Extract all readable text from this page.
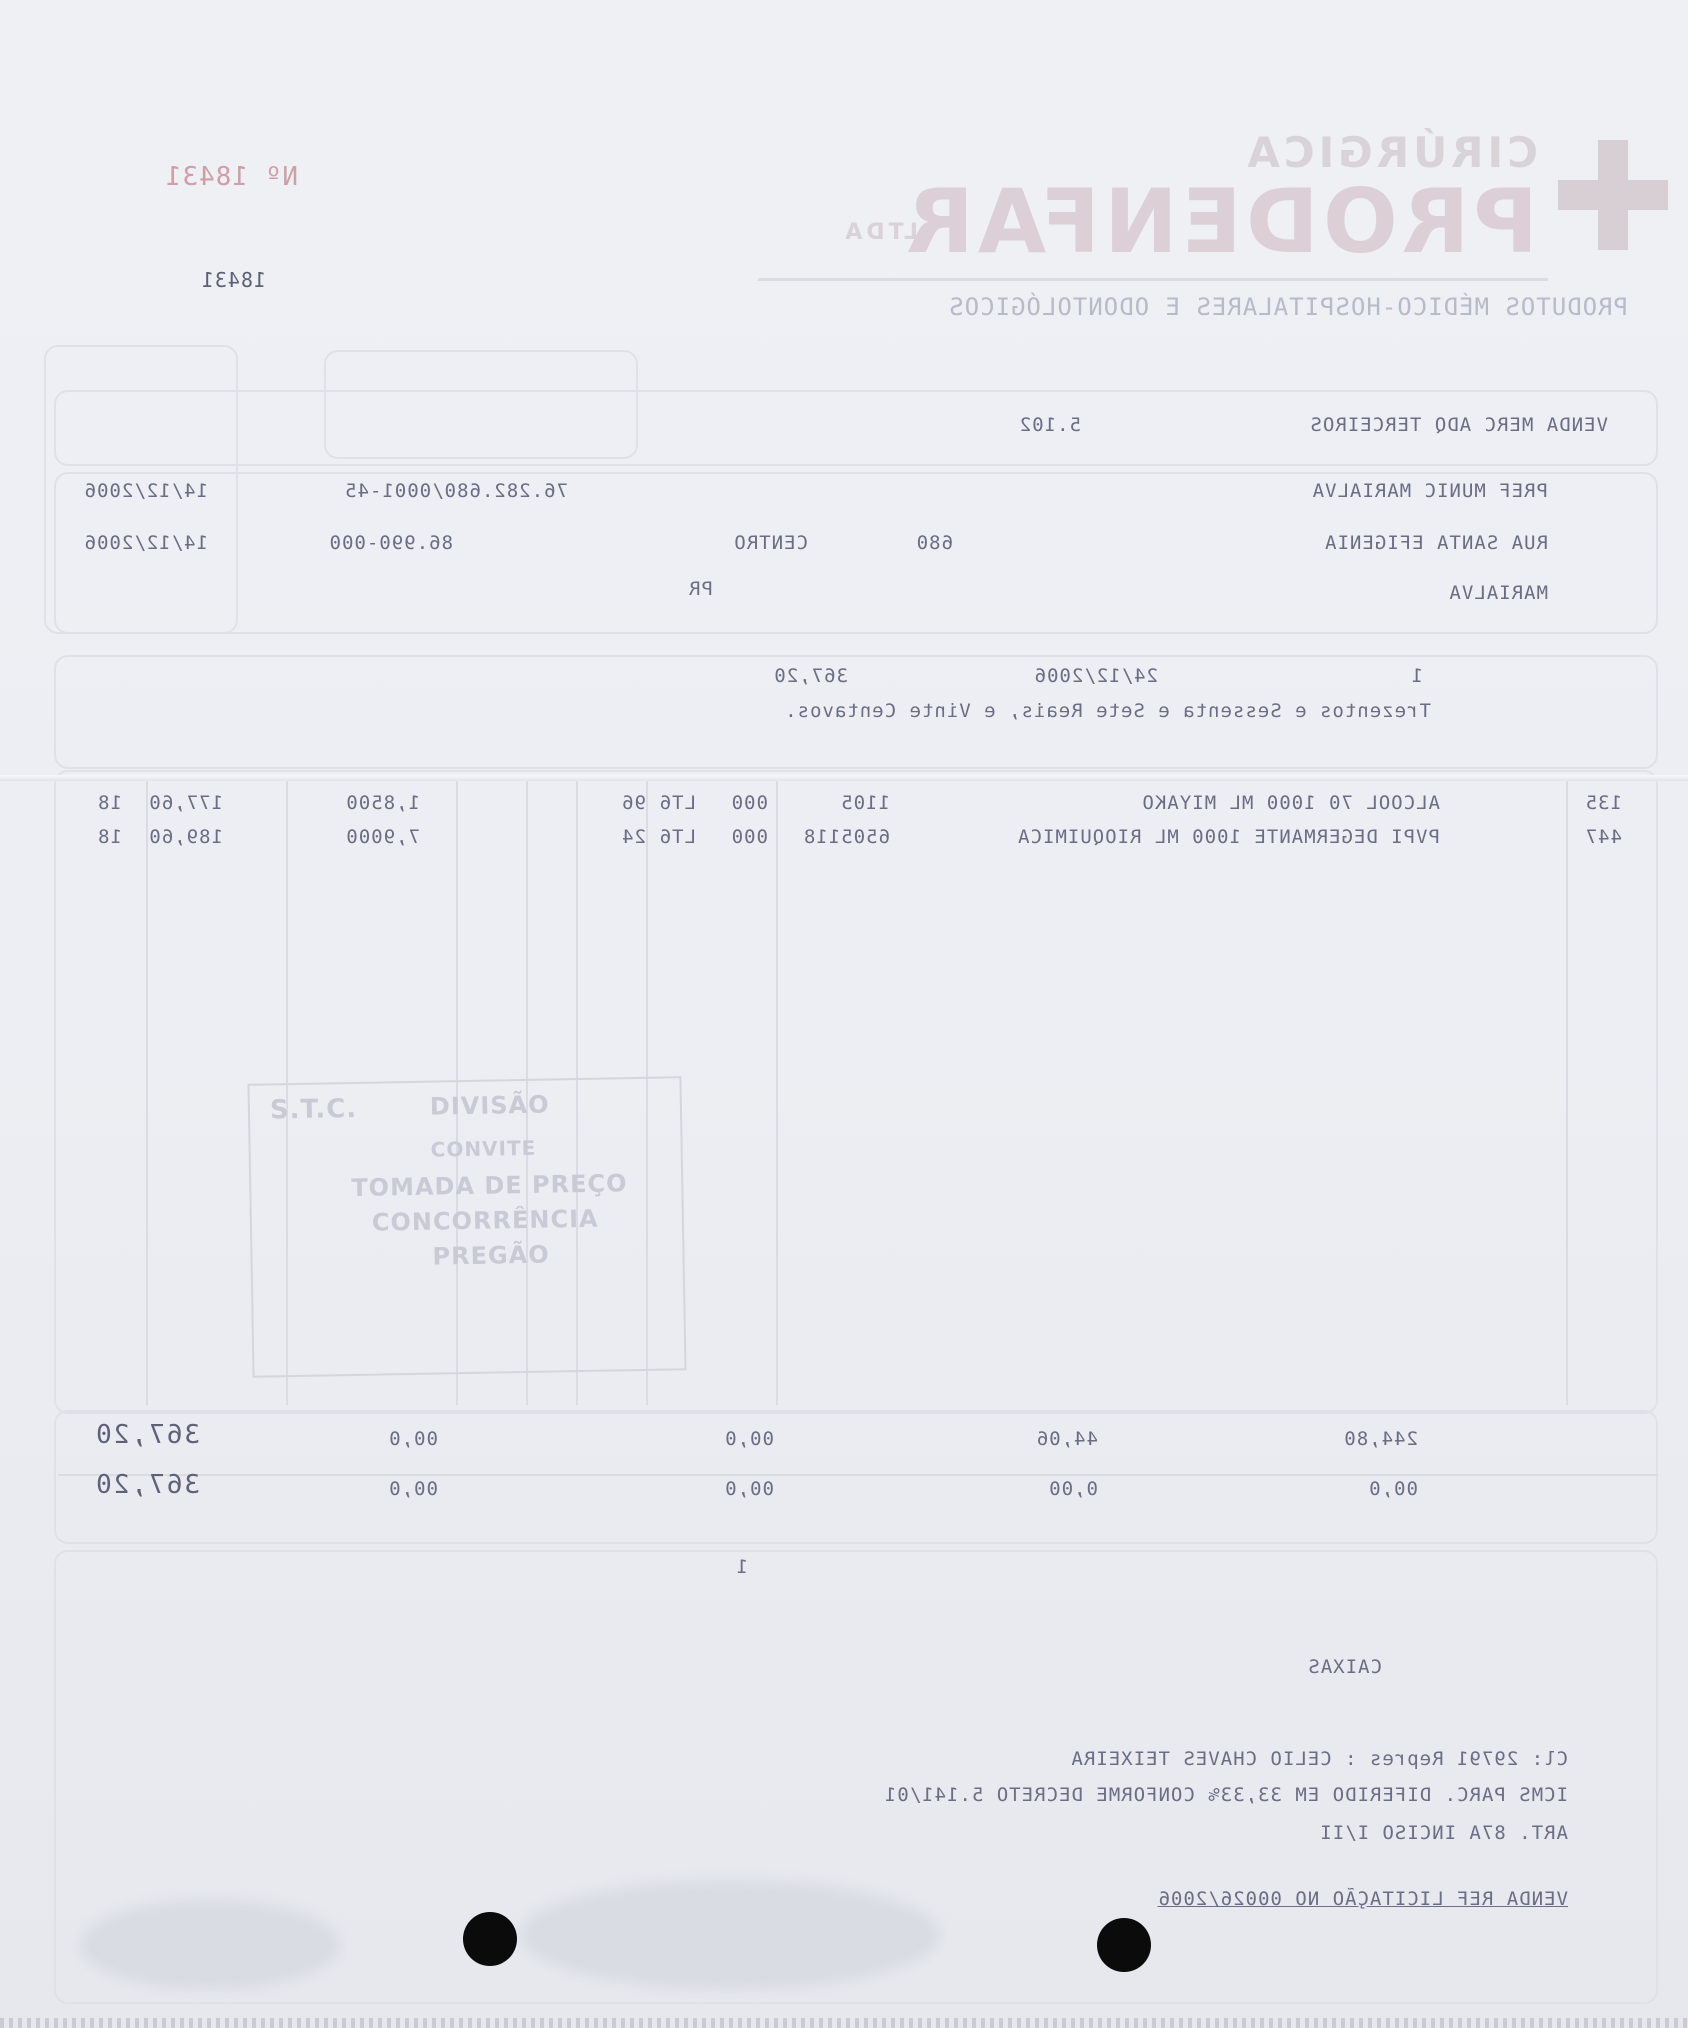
CIRÚRGICA
PRODENFAR
LTDA
PRODUTOS MÉDICO-HOSPITALARES E ODONTOLÓGICOS
18431
Nº 18431
VENDA MERC ADQ TERCEIROS
5.102
PREF MUNIC MARIALVA
76.282.680/0001-45
14/12/2006
RUA SANTA EFIGENIA
680
CENTRO
86.990-000
14/12/2006
MARIALVA
PR
1
24/12/2006
367,20
Trezentos e Sessenta e Sete Reais, e Vinte Centavos.
135
ALCOOL 70 1000 ML MIYAKO
1105
000
LT6
96
1,8500
177,60
18
447
PVPI DEGERMANTE 1000 ML RIOQUIMICA
6505118
000
LT6
24
7,9000
189,60
18
244,80
44,06
00,0
00,0
367,20
00,0
0,00
00,0
00,0
367,20
1
CAIXAS
Cl: 29791 Repres : CELIO CHAVES TEIXEIRA
ICMS PARC. DIFERIDO EM 33,33% CONFORME DECRETO 5.141/01
ART. 87A INCISO I/II
VENDA REF LICITAÇÃO NO 00026/2006
DIVISÃO
S.T.C.
CONVITE
TOMADA DE PREÇO
CONCORRÊNCIA
PREGÃO
